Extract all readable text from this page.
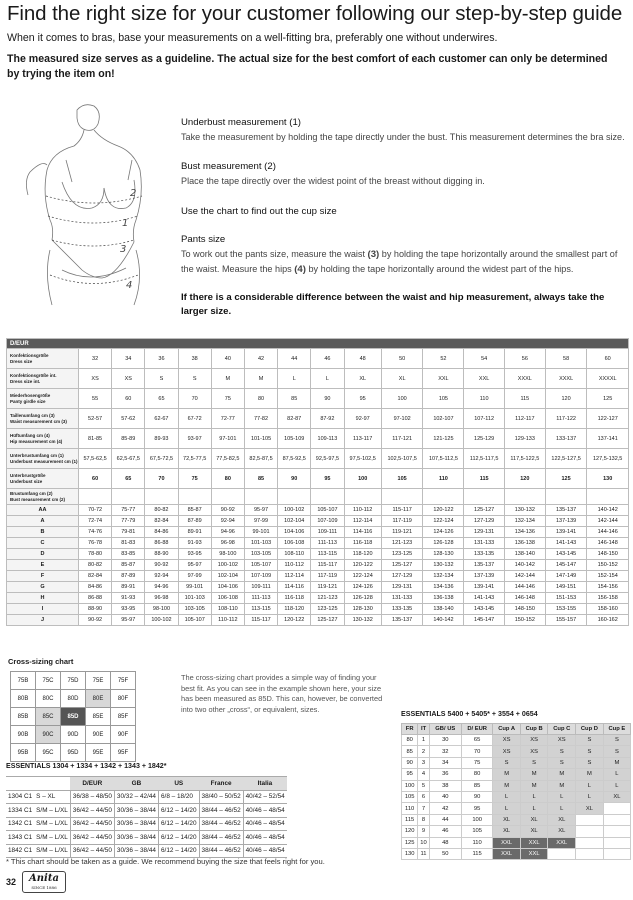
Find the right size for your customer following our step-by-step guide
When it comes to bras, base your measurements on a well-fitting bra, preferably one without underwires.
The measured size serves as a guideline. The actual size for the best comfort of each customer can only be determined by trying the item on!
1
2
3
4
Underbust measurement (1)
Take the measurement by holding the tape directly under the bust. This measurement determines the bra size.
Bust measurement (2)
Place the tape directly over the widest point of the breast without digging in.
Use the chart to find out the cup size
Pants size
To work out the pants size, measure the waist (3) by holding the tape horizontally around the smallest part of the waist. Measure the hips (4) by holding the tape horizontally around the widest part of the hips.
If there is a considerable difference between the waist and hip measurement, always take the larger size.
D/EUR															
Konfektionsgröße
Dress size	32	34	36	38	40	42	44	46	48	50	52	54	56	58	60
Konfektionsgröße int.
Dress size int.	XS	XS	S	S	M	M	L	L	XL	XL	XXL	XXL	XXXL	XXXL	XXXXL
Miederhosengröße
Panty girdle size	55	60	65	70	75	80	85	90	95	100	105	110	115	120	125
Taillenumfang cm (3)
Waist measurement cm (3)	52-57	57-62	62-67	67-72	72-77	77-82	82-87	87-92	92-97	97-102	102-107	107-112	112-117	117-122	122-127
Hüftumfang cm (4)
Hip measurement cm (4)	81-85	85-89	89-93	93-97	97-101	101-105	105-109	109-113	113-117	117-121	121-125	125-129	129-133	133-137	137-141
Unterbrustumfang cm (1)
Underbust measurement cm (1)	57,5-62,5	62,5-67,5	67,5-72,5	72,5-77,5	77,5-82,5	82,5-87,5	87,5-92,5	92,5-97,5	97,5-102,5	102,5-107,5	107,5-112,5	112,5-117,5	117,5-122,5	122,5-127,5	127,5-132,5
Unterbrustgröße
Underbust size	60	65	70	75	80	85	90	95	100	105	110	115	120	125	130
Brustumfang cm (2)
Bust measurement cm (2)															
AA	70-72	75-77	80-82	85-87	90-92	95-97	100-102	105-107	110-112	115-117	120-122	125-127	130-132	135-137	140-142
A	72-74	77-79	82-84	87-89	92-94	97-99	102-104	107-109	112-114	117-119	122-124	127-129	132-134	137-139	142-144
B	74-76	79-81	84-86	89-91	94-96	99-101	104-106	109-111	114-116	119-121	124-126	129-131	134-136	139-141	144-146
C	76-78	81-83	86-88	91-93	96-98	101-103	106-108	111-113	116-118	121-123	126-128	131-133	136-138	141-143	146-148
D	78-80	83-85	88-90	93-95	98-100	103-105	108-110	113-115	118-120	123-125	128-130	133-135	138-140	143-145	148-150
E	80-82	85-87	90-92	95-97	100-102	105-107	110-112	115-117	120-122	125-127	130-132	135-137	140-142	145-147	150-152
F	82-84	87-89	92-94	97-99	102-104	107-109	112-114	117-119	122-124	127-129	132-134	137-139	142-144	147-149	152-154
G	84-86	89-91	94-96	99-101	104-106	109-111	114-116	119-121	124-126	129-131	134-136	139-141	144-146	149-151	154-156
H	86-88	91-93	96-98	101-103	106-108	111-113	116-118	121-123	126-128	131-133	136-138	141-143	146-148	151-153	156-158
I	88-90	93-95	98-100	103-105	108-110	113-115	118-120	123-125	128-130	133-135	138-140	143-145	148-150	153-155	158-160
J	90-92	95-97	100-102	105-107	110-112	115-117	120-122	125-127	130-132	135-137	140-142	145-147	150-152	155-157	160-162
Cross-sizing chart
75B	75C	75D	75E	75F
80B	80C	80D	80E	80F
85B	85C	85D	85E	85F
90B	90C	90D	90E	90F
95B	95C	95D	95E	95F
The cross-sizing chart provides a simple way of finding your best fit. As you can see in the example shown here, your size has been measured as 85D. This can, however, be converted into two other „cross“, or equivalent, sizes.
ESSENTIALS 1304 + 1334 + 1342 + 1343 + 1842*
		D/EUR	GB	US	France	Italia
1304 C1	S – XL	36/38 – 48/50	30/32 – 42/44	6/8 – 18/20	38/40 – 50/52	40/42 – 52/54
1334 C1	S/M – L/XL	36/42 – 44/50	30/36 – 38/44	6/12 – 14/20	38/44 – 46/52	40/46 – 48/54
1342 C1	S/M – L/XL	36/42 – 44/50	30/36 – 38/44	6/12 – 14/20	38/44 – 46/52	40/46 – 48/54
1343 C1	S/M – L/XL	36/42 – 44/50	30/36 – 38/44	6/12 – 14/20	38/44 – 46/52	40/46 – 48/54
1842 C1	S/M – L/XL	36/42 – 44/50	30/36 – 38/44	6/12 – 14/20	38/44 – 46/52	40/46 – 48/54
* This chart should be taken as a guide. We recommend buying the size that feels right for you.
ESSENTIALS 5400 + 5405* + 3554 + 0654
FR	IT	GB/ US	D/ EUR	Cup A	Cup B	Cup C	Cup D	Cup E
80	1	30	65	XS	XS	XS	S	S
85	2	32	70	XS	XS	S	S	S
90	3	34	75	S	S	S	S	M
95	4	36	80	M	M	M	M	L
100	5	38	85	M	M	M	L	L
105	6	40	90	L	L	L	L	XL
110	7	42	95	L	L	L	XL	
115	8	44	100	XL	XL	XL		
120	9	46	105	XL	XL	XL		
125	10	48	110	XXL	XXL	XXL		
130	11	50	115	XXL	XXL			
32	Anita
SINCE 1886
